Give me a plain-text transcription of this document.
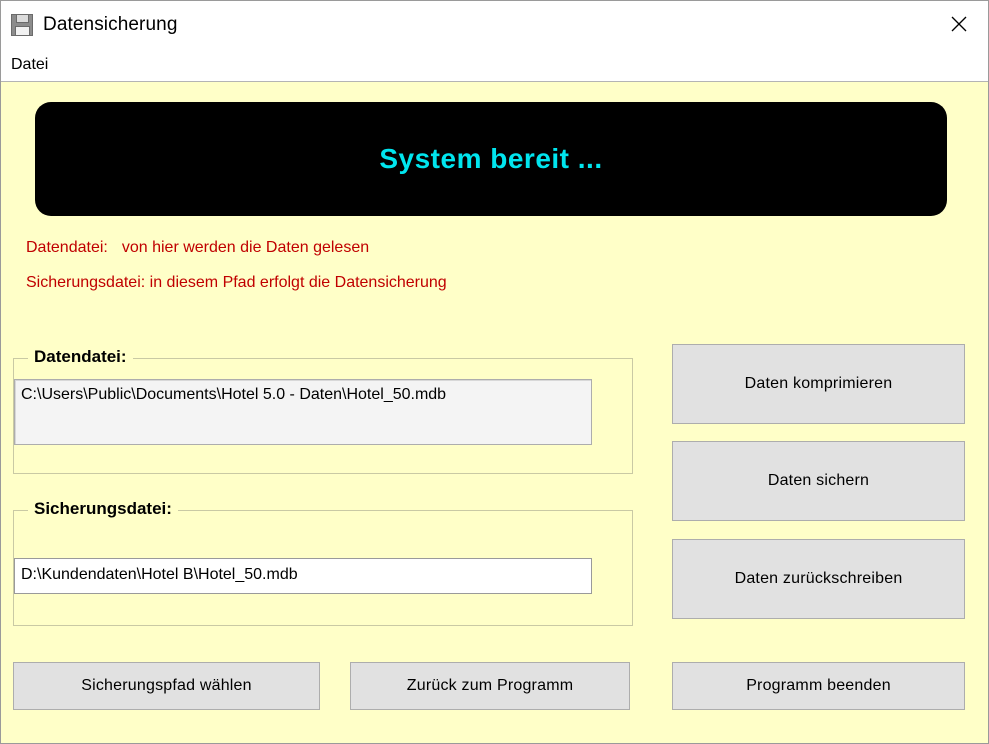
Datensicherung
Datei
System bereit ...
Datendatei: von hier werden die Daten gelesen
Sicherungsdatei: in diesem Pfad erfolgt die Datensicherung
Datendatei:
C:\Users\Public\Documents\Hotel 5.0 - Daten\Hotel_50.mdb
Sicherungsdatei:
D:\Kundendaten\Hotel B\Hotel_50.mdb
Daten komprimieren
Daten sichern
Daten zurückschreiben
Sicherungspfad wählen	Zurück zum Programm	Programm beenden
